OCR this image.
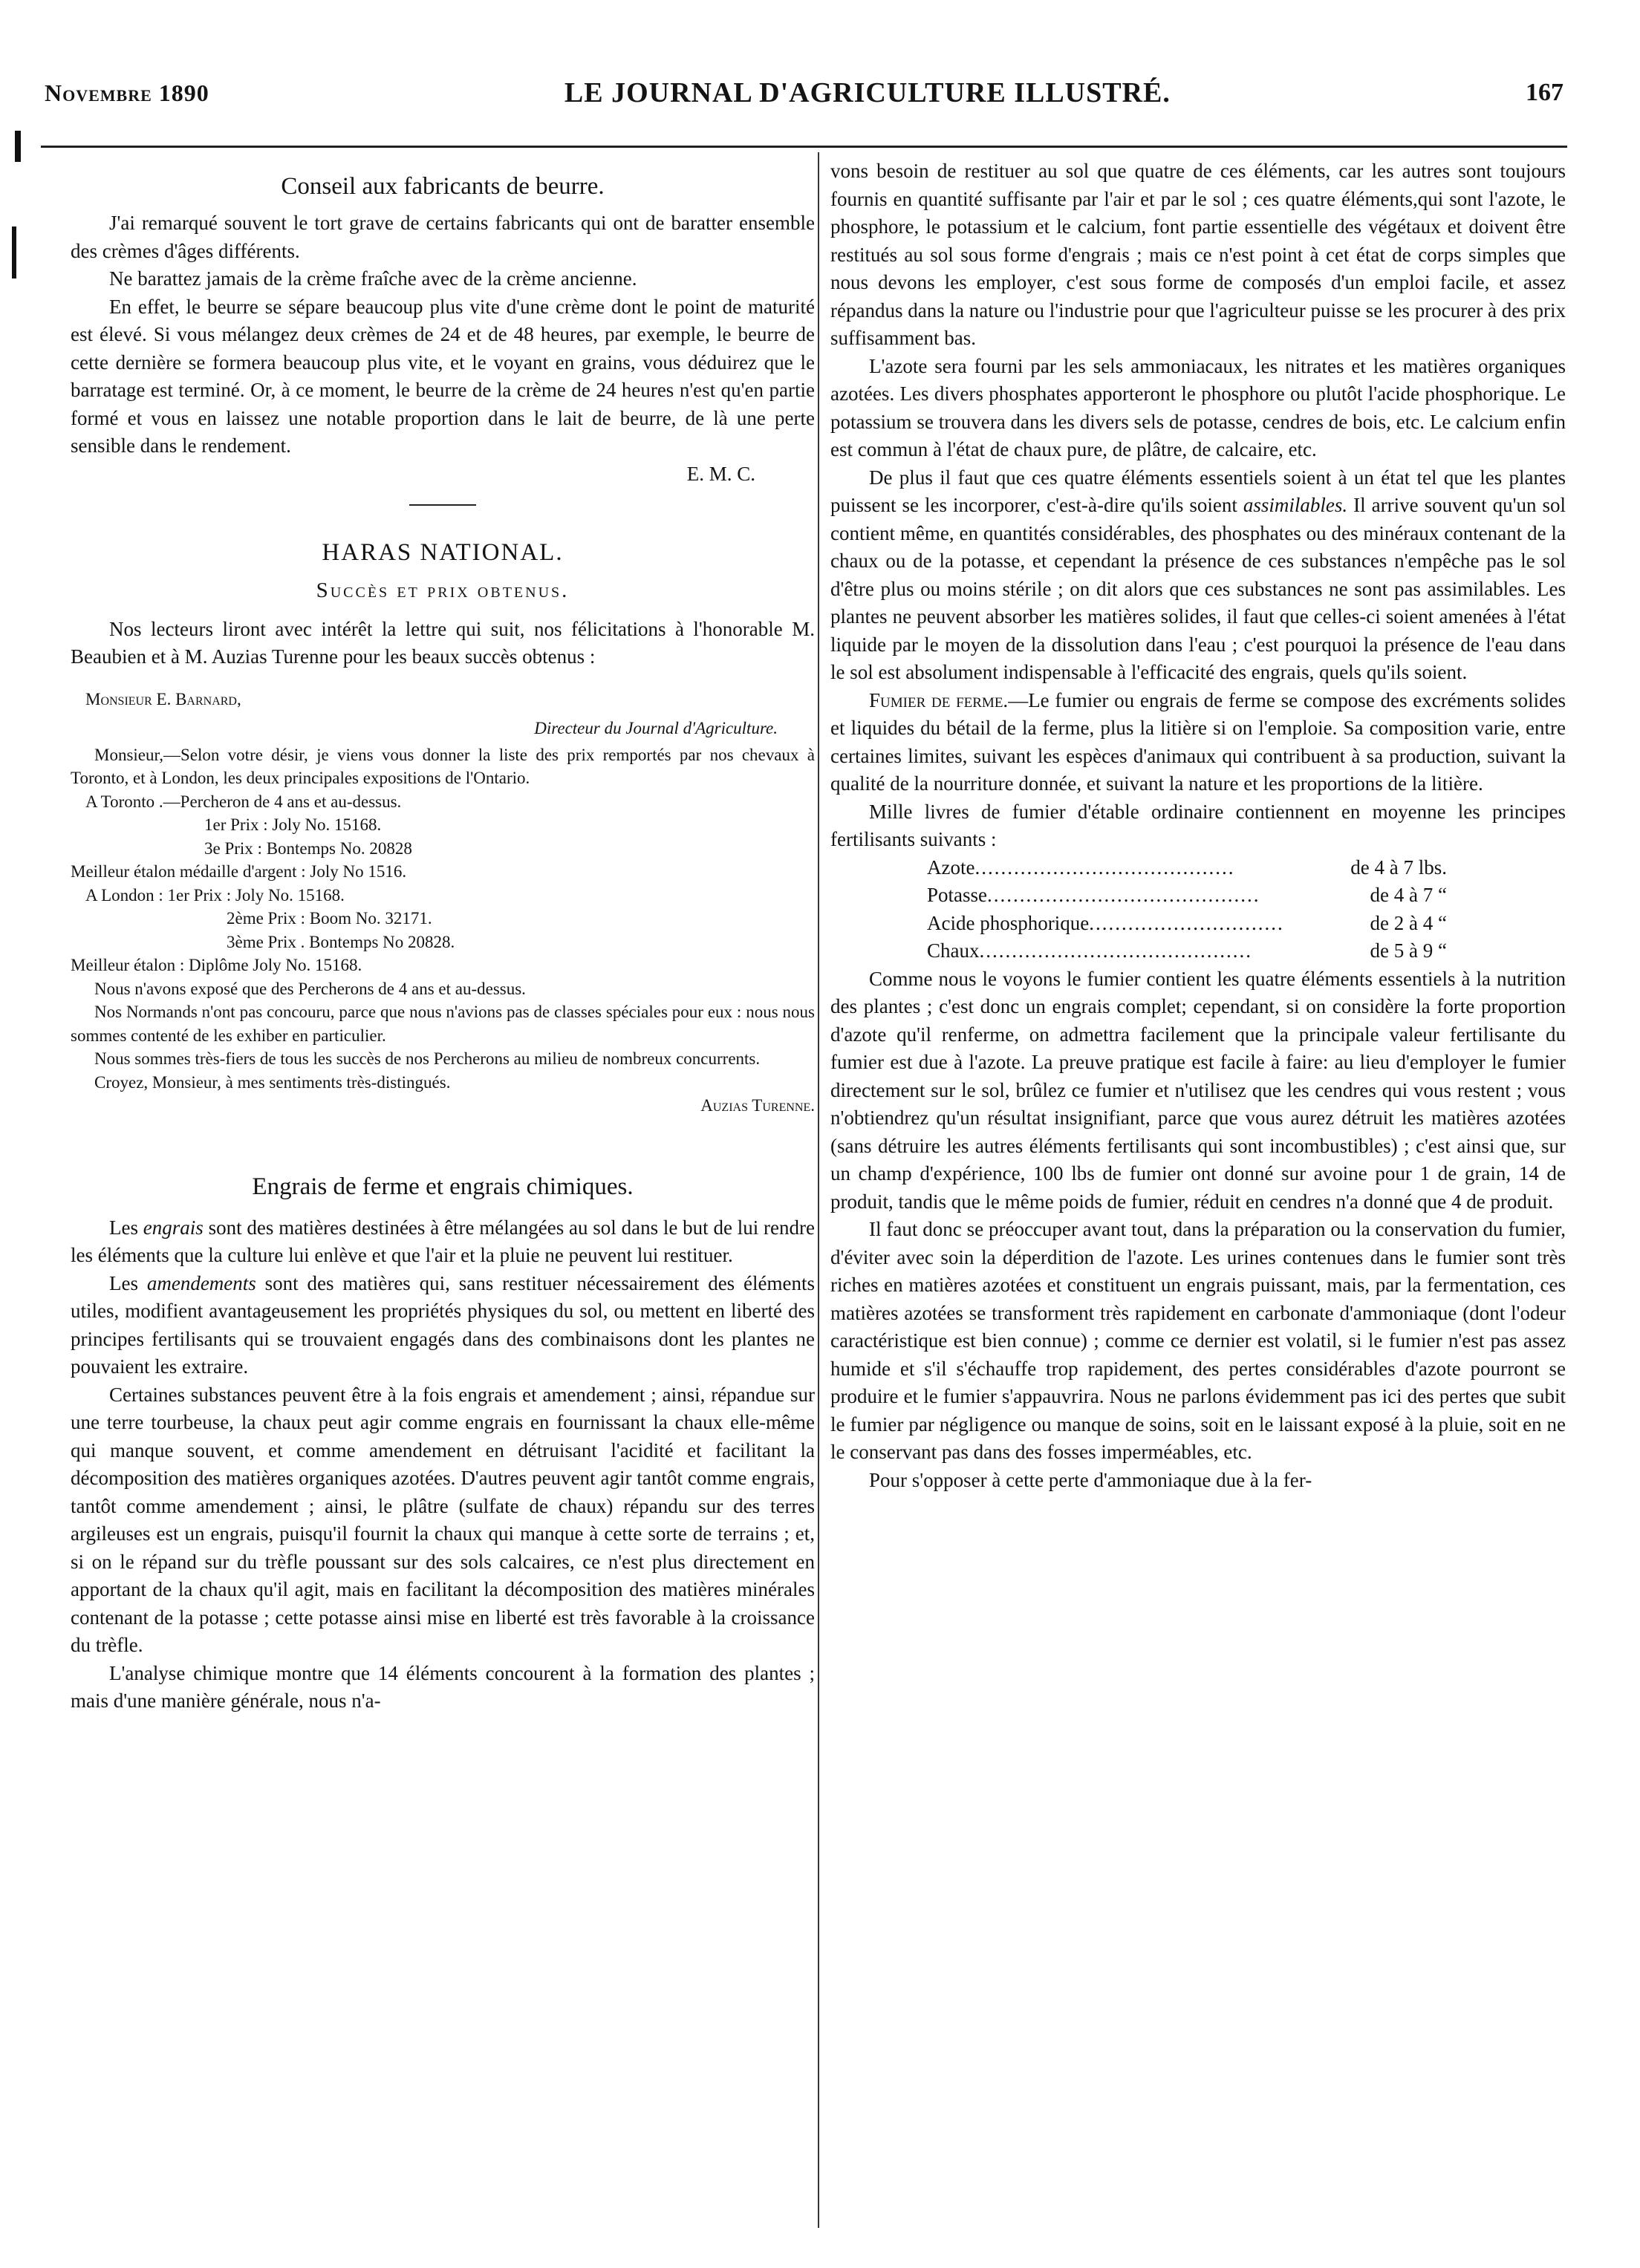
Novembre 1890	LE JOURNAL D'AGRICULTURE ILLUSTRÉ.	167
Conseil aux fabricants de beurre.

J'ai remarqué souvent le tort grave de certains fabricants qui ont de baratter ensemble des crèmes d'âges différents.

Ne barattez jamais de la crème fraîche avec de la crème ancienne.

En effet, le beurre se sépare beaucoup plus vite d'une crème dont le point de maturité est élevé. Si vous mélangez deux crèmes de 24 et de 48 heures, par exemple, le beurre de cette dernière se formera beaucoup plus vite, et le voyant en grains, vous déduirez que le barratage est terminé. Or, à ce moment, le beurre de la crème de 24 heures n'est qu'en partie formé et vous en laissez une notable proportion dans le lait de beurre, de là une perte sensible dans le rendement.

E. M. C.

HARAS NATIONAL.
Succès et prix obtenus.

Nos lecteurs liront avec intérêt la lettre qui suit, nos félicitations à l'honorable M. Beaubien et à M. Auzias Turenne pour les beaux succès obtenus :

Monsieur E. Barnard,
Directeur du Journal d'Agriculture.

Monsieur,—Selon votre désir, je viens vous donner la liste des prix remportés par nos chevaux à Toronto, et à London, les deux principales expositions de l'Ontario.

A Toronto .—Percheron de 4 ans et au-dessus.
1er Prix : Joly No. 15168.
3e Prix : Bontemps No. 20828
Meilleur étalon médaille d'argent : Joly No 1516.
A London : 1er Prix : Joly No. 15168.
2ème Prix : Boom No. 32171.
3ème Prix . Bontemps No 20828.
Meilleur étalon : Diplôme Joly No. 15168.

Nous n'avons exposé que des Percherons de 4 ans et au-dessus.

Nos Normands n'ont pas concouru, parce que nous n'avions pas de classes spéciales pour eux : nous nous sommes contenté de les exhiber en particulier.

Nous sommes très-fiers de tous les succès de nos Percherons au milieu de nombreux concurrents.

Croyez, Monsieur, à mes sentiments très-distingués.

Auzias Turenne.
Engrais de ferme et engrais chimiques.

Les engrais sont des matières destinées à être mélangées au sol dans le but de lui rendre les éléments que la culture lui enlève et que l'air et la pluie ne peuvent lui restituer.

Les amendements sont des matières qui, sans restituer nécessairement des éléments utiles, modifient avantageusement les propriétés physiques du sol, ou mettent en liberté des principes fertilisants qui se trouvaient engagés dans des combinaisons dont les plantes ne pouvaient les extraire.

Certaines substances peuvent être à la fois engrais et amendement ; ainsi, répandue sur une terre tourbeuse, la chaux peut agir comme engrais en fournissant la chaux elle-même qui manque souvent, et comme amendement en détruisant l'acidité et facilitant la décomposition des matières organiques azotées. D'autres peuvent agir tantôt comme engrais, tantôt comme amendement ; ainsi, le plâtre (sulfate de chaux) répandu sur des terres argileuses est un engrais, puisqu'il fournit la chaux qui manque à cette sorte de terrains ; et, si on le répand sur du trèfle poussant sur des sols calcaires, ce n'est plus directement en apportant de la chaux qu'il agit, mais en facilitant la décomposition des matières minérales contenant de la potasse ; cette potasse ainsi mise en liberté est très favorable à la croissance du trèfle.

L'analyse chimique montre que 14 éléments concourent à la formation des plantes ; mais d'une manière générale, nous n'a-

vons besoin de restituer au sol que quatre de ces éléments, car les autres sont toujours fournis en quantité suffisante par l'air et par le sol ; ces quatre éléments,qui sont l'azote, le phosphore, le potassium et le calcium, font partie essentielle des végétaux et doivent être restitués au sol sous forme d'engrais ; mais ce n'est point à cet état de corps simples que nous devons les employer, c'est sous forme de composés d'un emploi facile, et assez répandus dans la nature ou l'industrie pour que l'agriculteur puisse se les procurer à des prix suffisamment bas.

L'azote sera fourni par les sels ammoniacaux, les nitrates et les matières organiques azotées. Les divers phosphates apporteront le phosphore ou plutôt l'acide phosphorique. Le potassium se trouvera dans les divers sels de potasse, cendres de bois, etc. Le calcium enfin est commun à l'état de chaux pure, de plâtre, de calcaire, etc.

De plus il faut que ces quatre éléments essentiels soient à un état tel que les plantes puissent se les incorporer, c'est-à-dire qu'ils soient assimilables. Il arrive souvent qu'un sol contient même, en quantités considérables, des phosphates ou des minéraux contenant de la chaux ou de la potasse, et cependant la présence de ces substances n'empêche pas le sol d'être plus ou moins stérile ; on dit alors que ces substances ne sont pas assimilables. Les plantes ne peuvent absorber les matières solides, il faut que celles-ci soient amenées à l'état liquide par le moyen de la dissolution dans l'eau ; c'est pourquoi la présence de l'eau dans le sol est absolument indispensable à l'efficacité des engrais, quels qu'ils soient.

Fumier de ferme.—Le fumier ou engrais de ferme se compose des excréments solides et liquides du bétail de la ferme, plus la litière si on l'emploie. Sa composition varie, entre certaines limites, suivant les espèces d'animaux qui contribuent à sa production, suivant la qualité de la nourriture donnée, et suivant la nature et les proportions de la litière.

Mille livres de fumier d'étable ordinaire contiennent en moyenne les principes fertilisants suivants :

Azote ........................................	de 4 à 7 lbs.
Potasse ..........................................	de 4 à 7 “
Acide phosphorique ..............................	de 2 à 4 “
Chaux ..........................................	de 5 à 9 “

Comme nous le voyons le fumier contient les quatre éléments essentiels à la nutrition des plantes ; c'est donc un engrais complet; cependant, si on considère la forte proportion d'azote qu'il renferme, on admettra facilement que la principale valeur fertilisante du fumier est due à l'azote. La preuve pratique est facile à faire: au lieu d'employer le fumier directement sur le sol, brûlez ce fumier et n'utilisez que les cendres qui vous restent ; vous n'obtiendrez qu'un résultat insignifiant, parce que vous aurez détruit les matières azotées (sans détruire les autres éléments fertilisants qui sont incombustibles) ; c'est ainsi que, sur un champ d'expérience, 100 lbs de fumier ont donné sur avoine pour 1 de grain, 14 de produit, tandis que le même poids de fumier, réduit en cendres n'a donné que 4 de produit.

Il faut donc se préoccuper avant tout, dans la préparation ou la conservation du fumier, d'éviter avec soin la déperdition de l'azote. Les urines contenues dans le fumier sont très riches en matières azotées et constituent un engrais puissant, mais, par la fermentation, ces matières azotées se transforment très rapidement en carbonate d'ammoniaque (dont l'odeur caractéristique est bien connue) ; comme ce dernier est volatil, si le fumier n'est pas assez humide et s'il s'échauffe trop rapidement, des pertes considérables d'azote pourront se produire et le fumier s'appauvrira. Nous ne parlons évidemment pas ici des pertes que subit le fumier par négligence ou manque de soins, soit en le laissant exposé à la pluie, soit en ne le conservant pas dans des fosses imperméables, etc.

Pour s'opposer à cette perte d'ammoniaque due à la fer-
